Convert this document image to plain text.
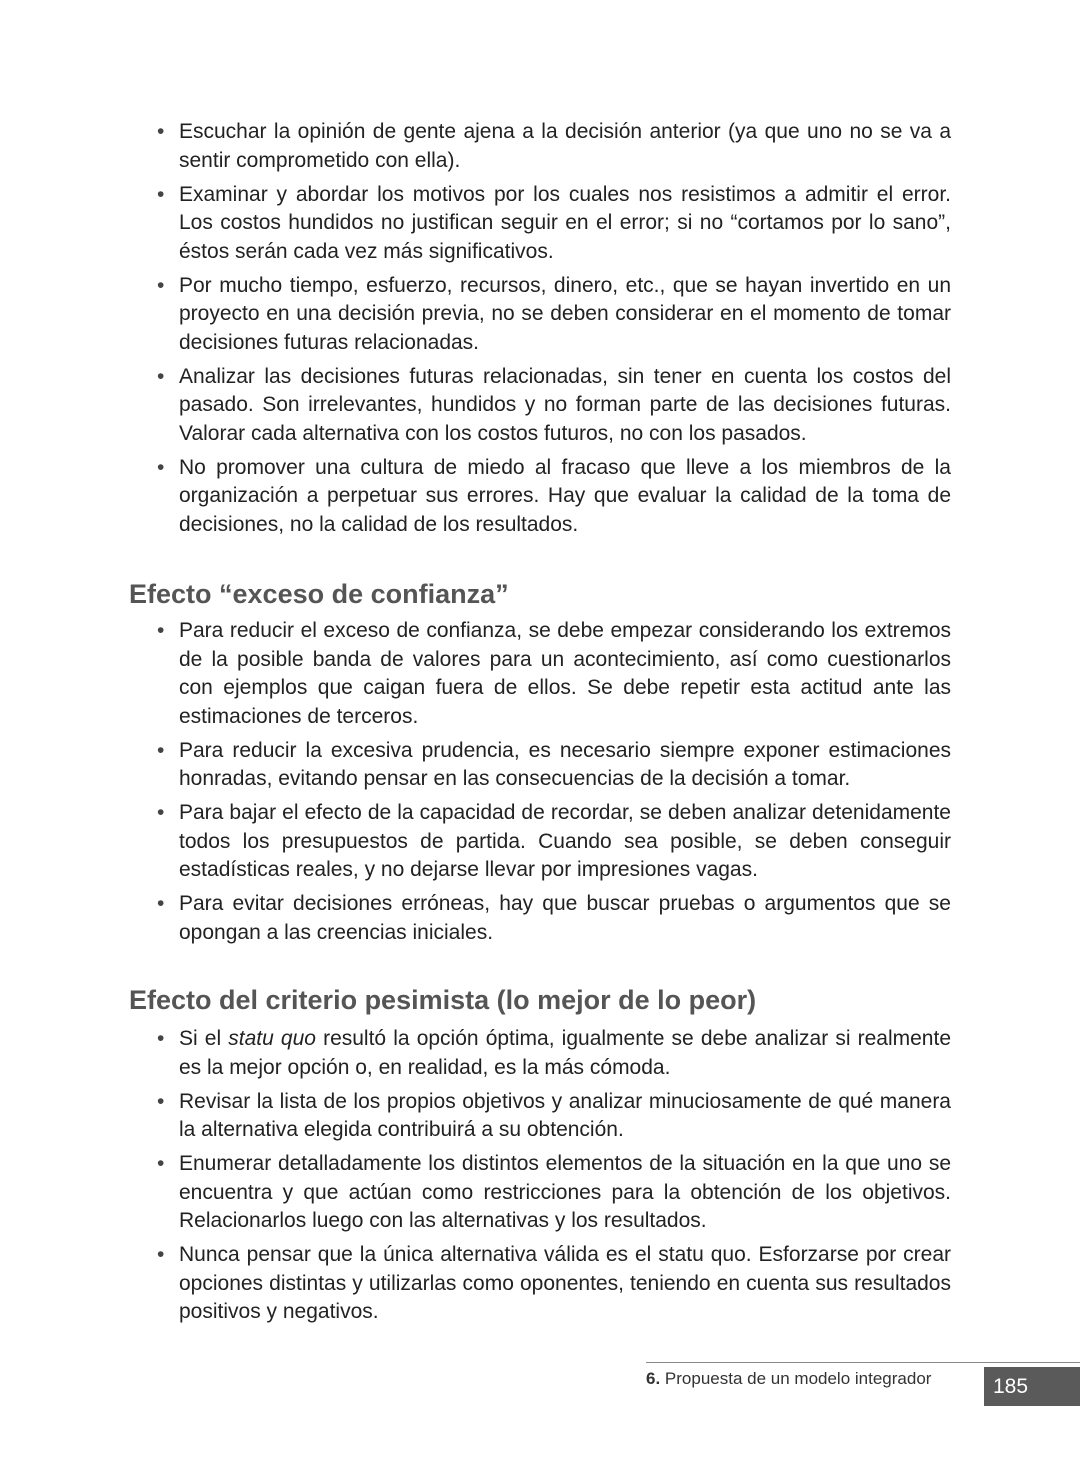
• Escuchar la opinión de gente ajena a la decisión anterior (ya que uno no se va a sentir comprometido con ella).
• Examinar y abordar los motivos por los cuales nos resistimos a admitir el error. Los costos hundidos no justifican seguir en el error; si no “cortamos por lo sano”, éstos serán cada vez más significativos.
• Por mucho tiempo, esfuerzo, recursos, dinero, etc., que se hayan invertido en un proyecto en una decisión previa, no se deben considerar en el momento de tomar decisiones futuras relacionadas.
• Analizar las decisiones futuras relacionadas, sin tener en cuenta los costos del pasado. Son irrelevantes, hundidos y no forman parte de las decisiones futuras. Valorar cada alternativa con los costos futuros, no con los pasados.
• No promover una cultura de miedo al fracaso que lleve a los miembros de la organización a perpetuar sus errores. Hay que evaluar la calidad de la toma de decisiones, no la calidad de los resultados.
Efecto “exceso de confianza”
• Para reducir el exceso de confianza, se debe empezar considerando los extremos de la posible banda de valores para un acontecimiento, así como cuestionarlos con ejemplos que caigan fuera de ellos. Se debe repetir esta actitud ante las estimaciones de terceros.
• Para reducir la excesiva prudencia, es necesario siempre exponer estimaciones honradas, evitando pensar en las consecuencias de la decisión a tomar.
• Para bajar el efecto de la capacidad de recordar, se deben analizar detenidamente todos los presupuestos de partida. Cuando sea posible, se deben conseguir estadísticas reales, y no dejarse llevar por impresiones vagas.
• Para evitar decisiones erróneas, hay que buscar pruebas o argumentos que se opongan a las creencias iniciales.
Efecto del criterio pesimista (lo mejor de lo peor)
• Si el statu quo resultó la opción óptima, igualmente se debe analizar si realmente es la mejor opción o, en realidad, es la más cómoda.
• Revisar la lista de los propios objetivos y analizar minuciosamente de qué manera la alternativa elegida contribuirá a su obtención.
• Enumerar detalladamente los distintos elementos de la situación en la que uno se encuentra y que actúan como restricciones para la obtención de los objetivos. Relacionarlos luego con las alternativas y los resultados.
• Nunca pensar que la única alternativa válida es el statu quo. Esforzarse por crear opciones distintas y utilizarlas como oponentes, teniendo en cuenta sus resultados positivos y negativos.
6. Propuesta de un modelo integrador	185
